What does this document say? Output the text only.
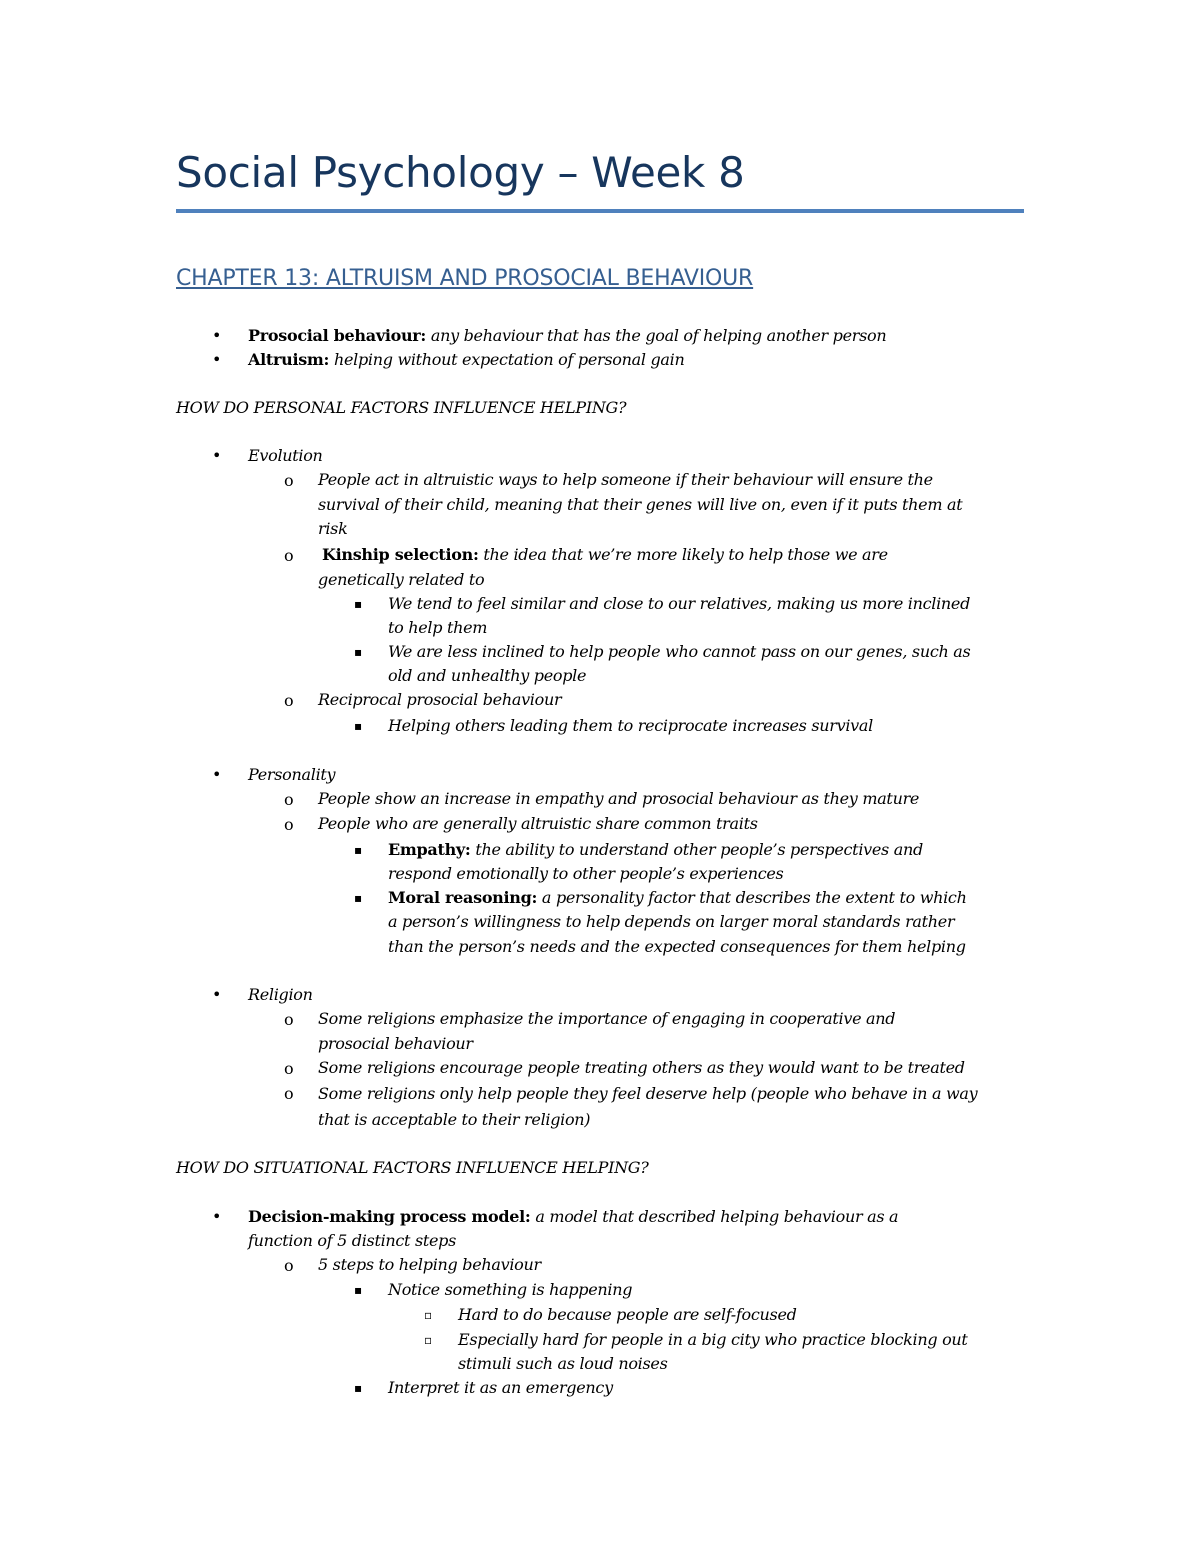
Social Psychology – Week 8
CHAPTER 13: ALTRUISM AND PROSOCIAL BEHAVIOUR
• Prosocial behaviour: any behaviour that has the goal of helping another person
• Altruism: helping without expectation of personal gain
HOW DO PERSONAL FACTORS INFLUENCE HELPING?
• Evolution
o People act in altruistic ways to help someone if their behaviour will ensure the
survival of their child, meaning that their genes will live on, even if it puts them at
risk
o Kinship selection: the idea that we’re more likely to help those we are
genetically related to
▪ We tend to feel similar and close to our relatives, making us more inclined
to help them
▪ We are less inclined to help people who cannot pass on our genes, such as
old and unhealthy people
o Reciprocal prosocial behaviour
▪ Helping others leading them to reciprocate increases survival
• Personality
o People show an increase in empathy and prosocial behaviour as they mature
o People who are generally altruistic share common traits
▪ Empathy: the ability to understand other people’s perspectives and
respond emotionally to other people’s experiences
▪ Moral reasoning: a personality factor that describes the extent to which
a person’s willingness to help depends on larger moral standards rather
than the person’s needs and the expected consequences for them helping
• Religion
o Some religions emphasize the importance of engaging in cooperative and
prosocial behaviour
o Some religions encourage people treating others as they would want to be treated
o Some religions only help people they feel deserve help (people who behave in a way
that is acceptable to their religion)
HOW DO SITUATIONAL FACTORS INFLUENCE HELPING?
• Decision-making process model: a model that described helping behaviour as a
function of 5 distinct steps
o 5 steps to helping behaviour
▪ Notice something is happening
▫ Hard to do because people are self-focused
▫ Especially hard for people in a big city who practice blocking out
stimuli such as loud noises
▪ Interpret it as an emergency
